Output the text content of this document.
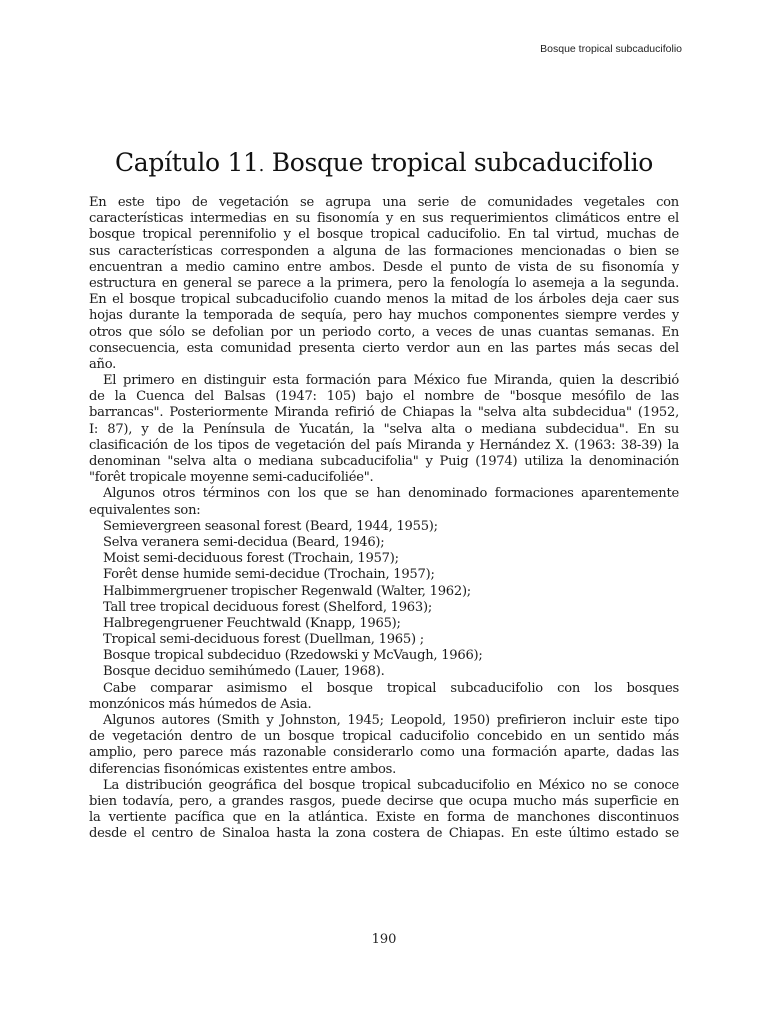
Bosque tropical subcaducifolio
Capítulo 11. Bosque tropical subcaducifolio
En este tipo de vegetación se agrupa una serie de comunidades vegetales con
características intermedias en su fisonomía y en sus requerimientos climáticos entre el
bosque tropical perennifolio y el bosque tropical caducifolio. En tal virtud, muchas de
sus características corresponden a alguna de las formaciones mencionadas o bien se
encuentran a medio camino entre ambos. Desde el punto de vista de su fisonomía y
estructura en general se parece a la primera, pero la fenología lo asemeja a la segunda.
En el bosque tropical subcaducifolio cuando menos la mitad de los árboles deja caer sus
hojas durante la temporada de sequía, pero hay muchos componentes siempre verdes y
otros que sólo se defolian por un periodo corto, a veces de unas cuantas semanas. En
consecuencia, esta comunidad presenta cierto verdor aun en las partes más secas del
año.
El primero en distinguir esta formación para México fue Miranda, quien la describió
de la Cuenca del Balsas (1947: 105) bajo el nombre de "bosque mesófilo de las
barrancas". Posteriormente Miranda refirió de Chiapas la "selva alta subdecidua" (1952,
I: 87), y de la Península de Yucatán, la "selva alta o mediana subdecidua". En su
clasificación de los tipos de vegetación del país Miranda y Hernández X. (1963: 38-39) la
denominan "selva alta o mediana subcaducifolia" y Puig (1974) utiliza la denominación
"forêt tropicale moyenne semi-caducifoliée".
Algunos otros términos con los que se han denominado formaciones aparentemente
equivalentes son:
Semievergreen seasonal forest (Beard, 1944, 1955);
Selva veranera semi-decidua (Beard, 1946);
Moist semi-deciduous forest (Trochain, 1957);
Forêt dense humide semi-decidue (Trochain, 1957);
Halbimmergruener tropischer Regenwald (Walter, 1962);
Tall tree tropical deciduous forest (Shelford, 1963);
Halbregengruener Feuchtwald (Knapp, 1965);
Tropical semi-deciduous forest (Duellman, 1965) ;
Bosque tropical subdeciduo (Rzedowski y McVaugh, 1966);
Bosque deciduo semihúmedo (Lauer, 1968).
Cabe comparar asimismo el bosque tropical subcaducifolio con los bosques
monzónicos más húmedos de Asia.
Algunos autores (Smith y Johnston, 1945; Leopold, 1950) prefirieron incluir este tipo
de vegetación dentro de un bosque tropical caducifolio concebido en un sentido más
amplio, pero parece más razonable considerarlo como una formación aparte, dadas las
diferencias fisonómicas existentes entre ambos.
La distribución geográfica del bosque tropical subcaducifolio en México no se conoce
bien todavía, pero, a grandes rasgos, puede decirse que ocupa mucho más superficie en
la vertiente pacífica que en la atlántica. Existe en forma de manchones discontinuos
desde el centro de Sinaloa hasta la zona costera de Chiapas. En este último estado se
190
